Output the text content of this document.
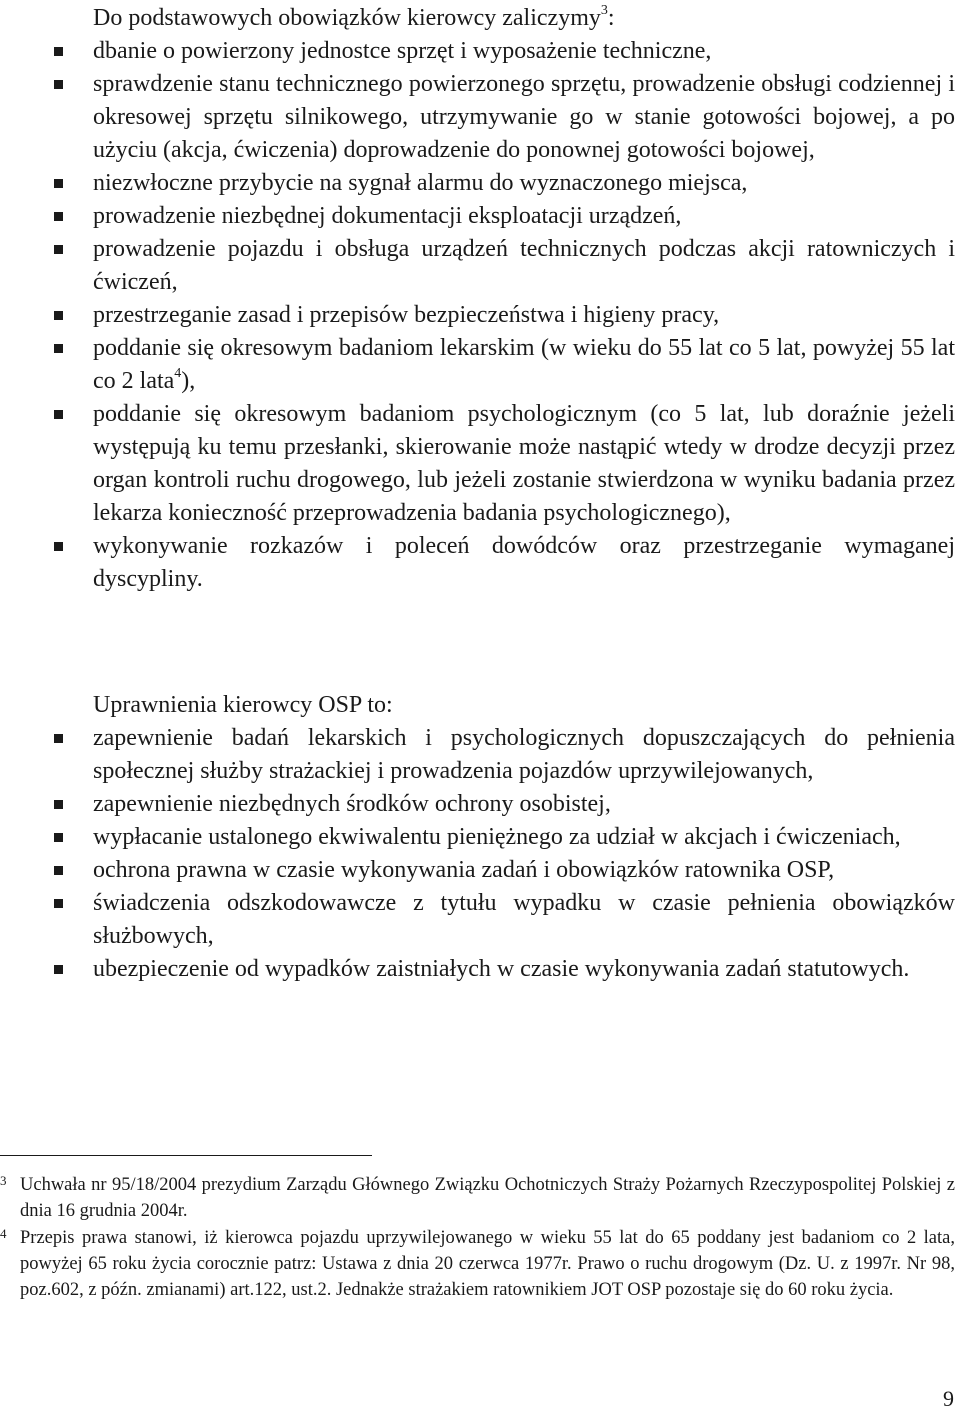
Do podstawowych obowiązków kierowcy zaliczymy$^3$:

dbanie o powierzony jednostce sprzęt i wyposażenie techniczne,
sprawdzenie stanu technicznego powierzonego sprzętu, prowadzenie obsługi codziennej i okresowej sprzętu silnikowego, utrzymywanie go w stanie gotowości bojowej, a po użyciu (akcja, ćwiczenia) doprowadzenie do ponownej gotowości bojowej,
niezwłoczne przybycie na sygnał alarmu do wyznaczonego miejsca,
prowadzenie niezbędnej dokumentacji eksploatacji urządzeń,
prowadzenie pojazdu i obsługa urządzeń technicznych podczas akcji ratowniczych i ćwiczeń,
przestrzeganie zasad i przepisów bezpieczeństwa i higieny pracy,
poddanie się okresowym badaniom lekarskim (w wieku do 55 lat co 5 lat, powyżej 55 lat co 2 lata$^4$),
poddanie się okresowym badaniom psychologicznym (co 5 lat, lub doraźnie jeżeli występują ku temu przesłanki, skierowanie może nastąpić wtedy w drodze decyzji przez organ kontroli ruchu drogowego, lub jeżeli zostanie stwierdzona w wyniku badania przez lekarza konieczność przeprowadzenia badania psychologicznego),
wykonywanie rozkazów i poleceń dowódców oraz przestrzeganie wymaganej dyscypliny.

Uprawnienia kierowcy OSP to:

zapewnienie badań lekarskich i psychologicznych dopuszczających do pełnienia społecznej służby strażackiej i prowadzenia pojazdów uprzywilejowanych,
zapewnienie niezbędnych środków ochrony osobistej,
wypłacanie ustalonego ekwiwalentu pieniężnego za udział w akcjach i ćwiczeniach,
ochrona prawna w czasie wykonywania zadań i obowiązków ratownika OSP,
świadczenia odszkodowawcze z tytułu wypadku w czasie pełnienia obowiązków służbowych,
ubezpieczenie od wypadków zaistniałych w czasie wykonywania zadań statutowych.
3 Uchwała nr 95/18/2004 prezydium Zarządu Głównego Związku Ochotniczych Straży Pożarnych Rzeczypospolitej Polskiej z dnia 16 grudnia 2004r.
4 Przepis prawa stanowi, iż kierowca pojazdu uprzywilejowanego w wieku 55 lat do 65 poddany jest badaniom co 2 lata, powyżej 65 roku życia corocznie patrz: Ustawa z dnia 20 czerwca 1977r. Prawo o ruchu drogowym (Dz. U. z 1997r. Nr 98, poz.602, z późn. zmianami) art.122, ust.2. Jednakże strażakiem ratownikiem JOT OSP pozostaje się do 60 roku życia.
9
